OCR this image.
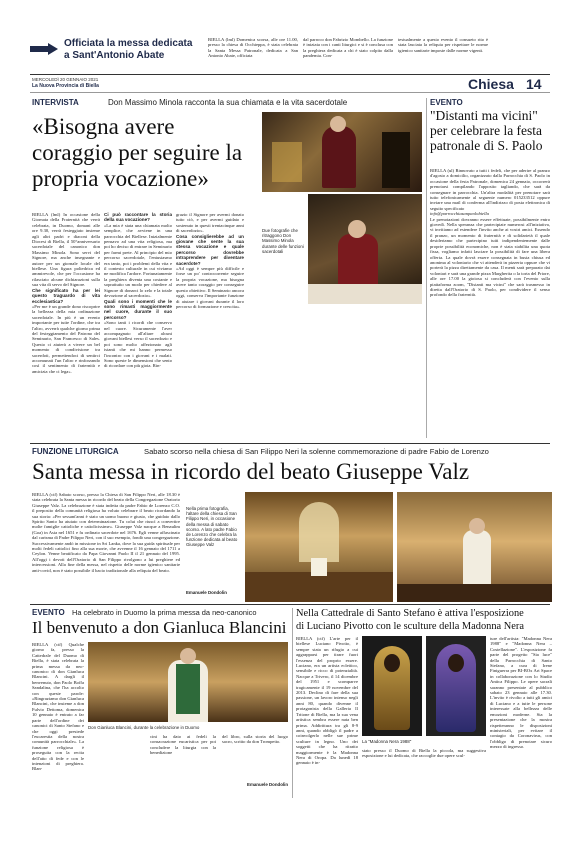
Officiata la messa dedicata
a Sant'Antonio Abate
BIELLA (lml) Domenica scorsa, alle ore 11.00, presso la chiesa di Occhieppa, è stata celebrata la Santa Messa Patronale, dedicata a San Antonio Abate, officiata
dal parroco don Fabrizio Mombello. La funzione è iniziata con i canti liturgici e si è conclusa con la preghiera dedicata a chi è stato colpito dalla pandemia. Con-
testualmente a questo evento il consueto rito è stata lasciata la reliquia per rispettare le norme igienico sanitarie imposte dalle norme vigenti.
MERCOLEDÌ 20 GENNAIO 2021
La Nuova Provincia di Biella	Chiesa 14
INTERVISTA	Don Massimo Minola racconta la sua chiamata e la vita sacerdotale
«Bisogna avere coraggio per seguire la propria vocazione»
Due fotografie che ritraggono Don Massimo Minola durante delle funzioni sacerdotali
BIELLA (lml) In occasione della Giornata della Fraternità che verrà celebrata, in Duomo, domani alle ore 9.30, verrà festeggiato insieme agli altri padri e diaconi della Diocesi di Biella, il 50°anniversario sacerdotale del canonico don Massimo Minola. Sono servi del Signore, ma anche insegnante e autore per un giornale locale del biellese. Una figura poliedrica ed ammirevole, che per l'occasione ha rilasciato alcune dichiarazioni sulla sua vita di servo del Signore.
Che significato ha per lei questo traguardo di vita ecclesiastica?
«Per me è un grande dono riscoprire la bellezza della mia ordinazione sacerdotale. In più è un evento importante per tutte l'ordine, che tra l'altro, avverrà qualche giorno prima del festeggiamento del Patrono del Seminario, San Francesco di Sales. Questo ci aiuterà a vivere un bel momento di condivisione tra sacerdoti, permettendoci di sentirci accomunati l'un l'altro e rinforzando così il sentimento di fraternità e amicizia che ci lega».
Ci può raccontare la storia della sua vocazione?
«La mia è stata una chiamata molto semplice, che avviene in una parrocchia del Biellese. Inizialmente pensavo ad una vita religiosa, ma poi ho deciso di entrare in Seminario per farmi prete. Al principio del mio percorso sacerdotale, l'entusiasmo era tanto, poi i problemi della vita e il contesto culturale in cui viviamo ne modifica l'ardore. Fortunatamente la preghiera diventa una costante e soprattutto un modo per chiedere al Signore di donarci lo zelo e la totale devozione al sacerdozio».
Quali sono i momenti che le sono rimasti maggiormente nel cuore, durante il suo percorso?
«Sono tanti i ricordi che conservo nel cuore. Sicuramente l'aver accompagnato all'altare alcuni giovani biellesi verso il sacerdozio e poi sono molto affezionato agli istanti che mi hanno permesso l'incontro con i giovani e i malati. Sono queste le dimensioni che sento di ricordare con più gioia. Rin-
grazio il Signore per avermi donato tutto ciò, e per avermi guidato e sostenuto in questi trentacinque anni di sacerdozio».
Cosa consiglierebbe ad un giovane che sente la sua stessa vocazione e quale percorso dovrebbe intraprendere per diventare sacerdote?
«Ad oggi è sempre più difficile e forse un po' controcorrente seguire la propria vocazione, ma bisogna avere tanto coraggio per conseguire questo obiettivo. Il Seminario ancora oggi, conserva l'importante funzione di aiutare i giovani durante il loro percorso di formazione e crescita».
EVENTO
"Distanti ma vicini" per celebrare la festa patronale di S. Paolo
BIELLA (ul) Rinnovato a tutti i fedeli, che per aderire al pranzo d'agosto a domicilio, organizzato dalla Parrocchia di S. Paolo in occasione della festa Patronale, domenica 24 gennaio, occorrerà prenotarsi compilando l'apposito tagliando, che sarà da consegnare in parrocchia. Un'altra modalità per prenotare sarà tutto telefonicamente al seguente numero 015233512 oppure inviare una mail di conferma all'indirizzo di posta elettronica di seguito specificato
info@parrocchiasanpaolobiella
Le prenotazioni dovranno essere effettuate, possibilmente entro giovedì. Nella speranza che partecipiate numerosi all'iniziativa, vi invitiamo ad estendere l'invito anche ai vostri amici. Essendo il pranzo, un momento di fraternità e di solidarietà il quale desideriamo che partecipino tutti indipendentemente dalle proprie possibilità economiche, non è stata stabilita una quota fissa, vogliamo infatti lasciare la possibilità di fare una libera offerta. La quale dovrà essere consegnata in busta chiusa ed anonima al volontario che vi attenderà in pizzeria oppure che vi porterà la pizza direttamente da casa. Il menù sarà preparato dai volontari e sarà una grande pizza Margherita o la torta del Priore, alle ore 17.00 la gioiosa si concluderà con l'evento sulla piattaforma zoom, "Distanti ma vicini" che sarà trasmesso in diretta dall'Oratorio di S. Paolo, per condividere il senso profondo della fraternità.
FUNZIONE LITURGICA	Sabato scorso nella chiesa di San Filippo Neri la solenne commemorazione di padre Fabio de Lorenzo
Santa messa in ricordo del beato Giuseppe Valz
BIELLA (ctf) Sabato scorso, presso la Chiesa di San Filippo Neri, alle 18.30 è stata celebrata la Santa messa in ricordo del beato della Congregazione Oratorio Giuseppe Valz. La celebrazione è stata indetta da padre Fabio de Lorenzo C.O. il preposito della comunità religiosa ha voluto celebrare il beato ricordando la sua storia: «Per sessant'anni è stato un uomo buono e giusto, che guidato dallo Spirito Santo ha aiutato con determinazione. Tu colui che riuscì a convertire molte famiglie cattoliche e cattolicissime». Giuseppe Valz nacque a Benaulim (Goa) in Asia nel 1651 e fu ordinato sacerdote nel 1676. Egli venne affascinato dal carisma di Padre Filippo Neri, con il suo esempio, fondò una congregazione. Successivamente andò in missione in Sri Lanka, dove la sua guida spirituale per molti fedeli cattolici fino alla sua morte, che avvenne il 16 gennaio del 1711 a Ceylon. Venne beatificato da Papa Giovanni Paolo II il 21 gennaio del 1995. All'oggi i devoti dell'Oratorio di San Filippo rivolgono a lui preghiere ed intercessioni. Alla fine della messa, nel rispetto delle norme igienico sanitarie anti-covid, non è stato possibile il bacio tradizionale alla reliquia del beato.
Nella prima fotografia, l'altare della chiesa di San Filippo Neri, in occasione della messa di sabato scorso. A lato padre Fabio de Lorenzo che celebra la funzione dedicata al beato Giuseppe Valz
Emanuele Dondolin
EVENTO Ha celebrato in Duomo la prima messa da neo-canonico
Il benvenuto a don Gianluca Blancini
BIELLA (ctf) Qualche giorno fa, presso la Cattedrale del Duomo di Biella, è stata celebrata la prima messa da neo-canonico di don Gianluca Blancini. A dargli il benvenuto, don Paolo Boffa Sandalina, che l'ha accolto con queste parole: «Ringraziamo don Gianluca Blancini, che insieme a don Fulvio Dettoma, domenica 10 gennaio è entrato a far parte dell'ordine dei canonici di Santo Stefano e che oggi presiede l'eucarestia della nostra comunità parrocchiale». La funzione religiosa è proseguita con la recita dell'atto di fede e con le intenzioni di preghiera. Blan-
Don Gianluca Blancini, durante la celebrazione in Duomo
cini ha dato ai fedeli la consacrazione eucaristica per poi concludere la liturgia con la benedizione
del libro, sulla storia del luogo sacro, scritto da don Trompetto.
Emanuele Dondolin
Nella Cattedrale di Santo Stefano è attiva l'esposizione
di Luciano Pivotto con le sculture della Madonna Nera
BIELLA (ctf) L'arte per il biellese Luciano Pivotto, è sempre stata un rifugio a cui aggrapparsi per tirare fuori l'essenza del proprio essere. Luciano, era un artista eclettico, sensibile e ricco di potenzialità. Nacque a Trivero, il 14 dicembre del 1951 e scomparve tragicamente il 19 novembre del 2013. Declino di fare della sua passione, un lavoro intenso negli anni 80, quando divenne il protagonista della Galleria Il Tritone di Biella, ma la sua vena artistica sembra essere nata ben prima. Addirittura tra gli 8-9 anni, quando obbligò il padre a coinvolgerlo nelle sue prime sculture in legno. Uno dei soggetti che ha ritratto maggiormente è la Madonna Nera di Oropa. Da lunedì 18 gennaio è in-
La "Madonna Nera 1988"
stato presso il Duomo di Biella la piccola, ma suggestiva esposizione e lui dedicata, che raccoglie due opere scul-
ture dell'artista: "Madonna Nera 1988" e "Madonna Nera – Costellazione". L'esposizione fa parte del progetto "Sia luce" della Parrocchia di Santo Stefano, a cura di Irene Finiguerra per BI-BOx Art Space in collaborazione con lo Studio Antica Filippo. Le opere sacrali saranno presentate al pubblico sabato 23 gennaio alle 17.30. L'invito è rivolto a tutti gli amici di Luciano e a tutte le persone interessate alla bellezza delle emozioni moderne. Sia la presentazione che la mostra rispetteranno le disposizioni ministeriali, per evitare il contagio da Coronavirus, con l'obbligo di prenotare sicuro mezzo di ingresso.
